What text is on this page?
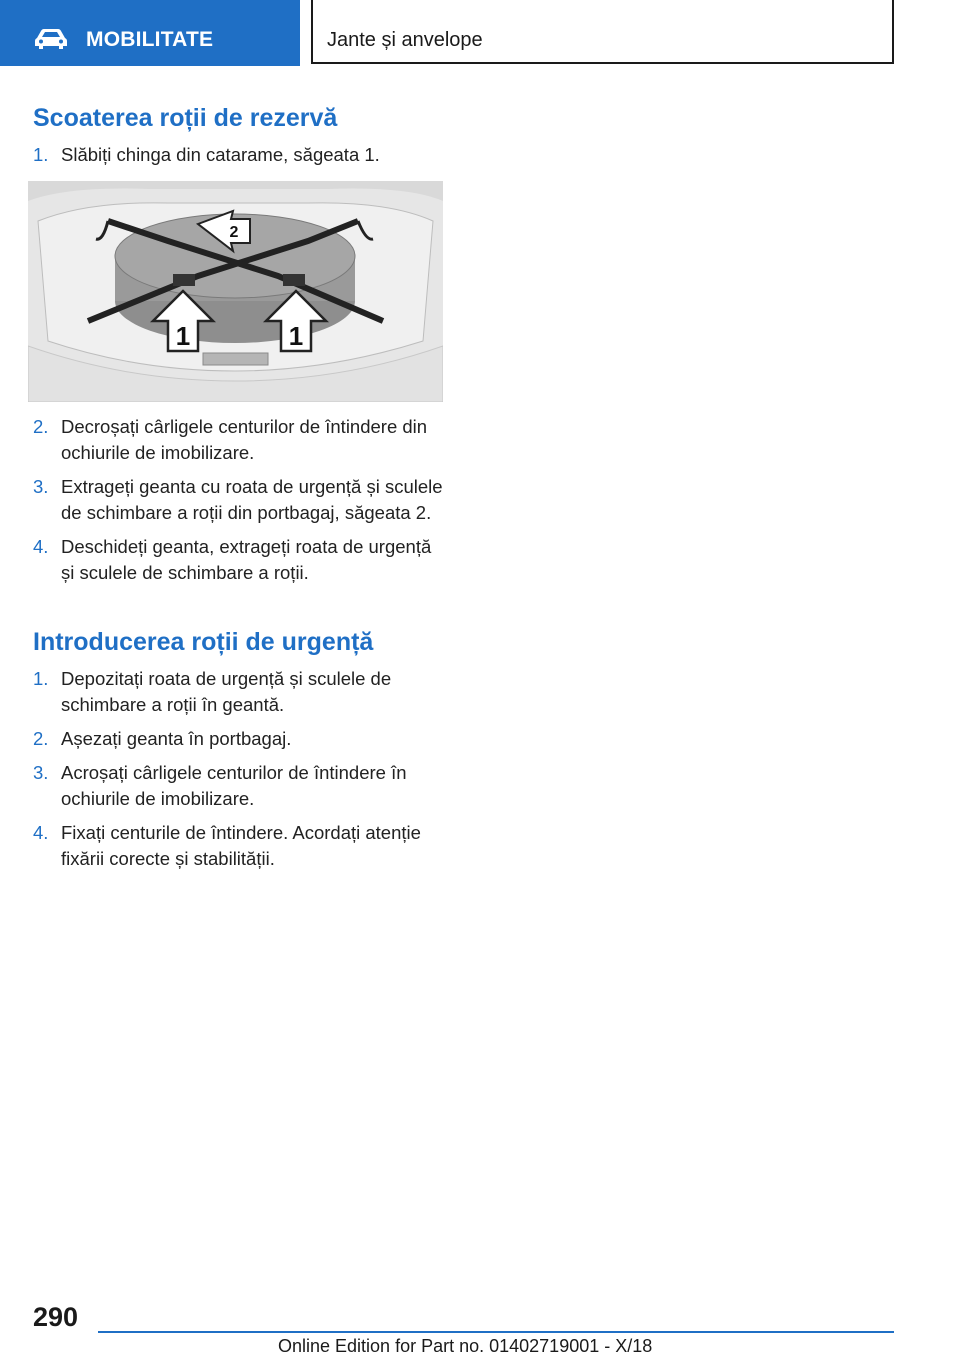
MOBILITATE	Jante și anvelope
Scoaterea roții de rezervă
1. Slăbiți chinga din catarame, săgeata 1.
1	1
2
2. Decroșați cârligele centurilor de întindere din ochiurile de imobilizare.
3. Extrageți geanta cu roata de urgență și sculele de schimbare a roții din portbagaj, săgeata 2.
4. Deschideți geanta, extrageți roata de urgență și sculele de schimbare a roții.
Introducerea roții de urgență
1. Depozitați roata de urgență și sculele de schimbare a roții în geantă.
2. Așezați geanta în portbagaj.
3. Acroșați cârligele centurilor de întindere în ochiurile de imobilizare.
4. Fixați centurile de întindere. Acordați atenție fixării corecte și stabilității.
290
Online Edition for Part no. 01402719001 - X/18
